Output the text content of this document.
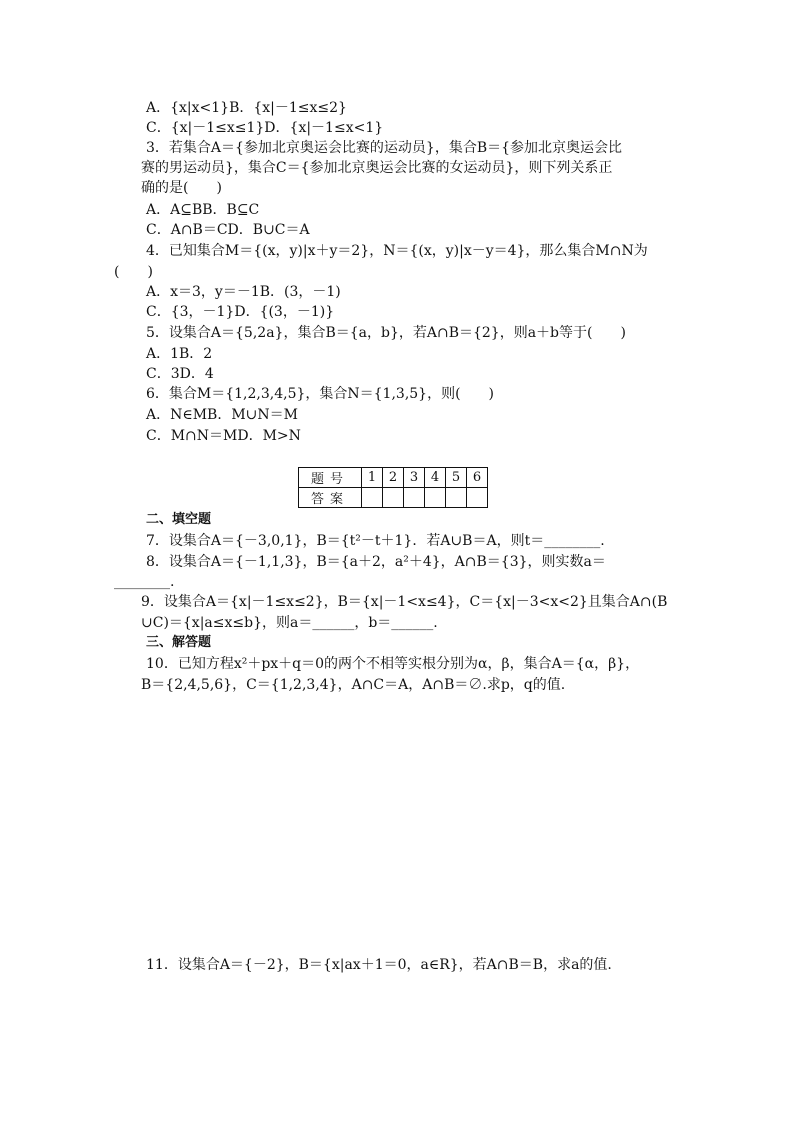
A．{x|x<1}B．{x|－1≤x≤2}
C．{x|－1≤x≤1}D．{x|－1≤x<1}
3．若集合A＝{参加北京奥运会比赛的运动员}，集合B＝{参加北京奥运会比
赛的男运动员}，集合C＝{参加北京奥运会比赛的女运动员}，则下列关系正
确的是(　　)
A．A⊆BB．B⊆C
C．A∩B＝CD．B∪C＝A
4．已知集合M＝{(x，y)|x＋y＝2}，N＝{(x，y)|x－y＝4}，那么集合M∩N为
(　　)
A．x＝3，y＝－1B．(3，－1)
C．{3，－1}D．{(3，－1)}
5．设集合A＝{5,2a}，集合B＝{a，b}，若A∩B＝{2}，则a＋b等于(　　)
A．1B．2
C．3D．4
6．集合M＝{1,2,3,4,5}，集合N＝{1,3,5}，则(　　)
A．N∈MB．M∪N＝M
C．M∩N＝MD．M>N
题号	1	2	3	4	5	6
答案						
二、填空题
7．设集合A＝{－3,0,1}，B＝{t²－t＋1}．若A∪B＝A，则t＝________.
8．设集合A＝{－1,1,3}，B＝{a＋2，a²＋4}，A∩B＝{3}，则实数a＝
________.
9．设集合A＝{x|－1≤x≤2}，B＝{x|－1<x≤4}，C＝{x|－3<x<2}且集合A∩(B
∪C)＝{x|a≤x≤b}，则a＝______，b＝______.
三、解答题
10．已知方程x²＋px＋q＝0的两个不相等实根分别为α，β，集合A＝{α，β}，
B＝{2,4,5,6}，C＝{1,2,3,4}，A∩C＝A，A∩B＝∅.求p，q的值.
11．设集合A＝{－2}，B＝{x|ax＋1＝0，a∈R}，若A∩B＝B，求a的值.
